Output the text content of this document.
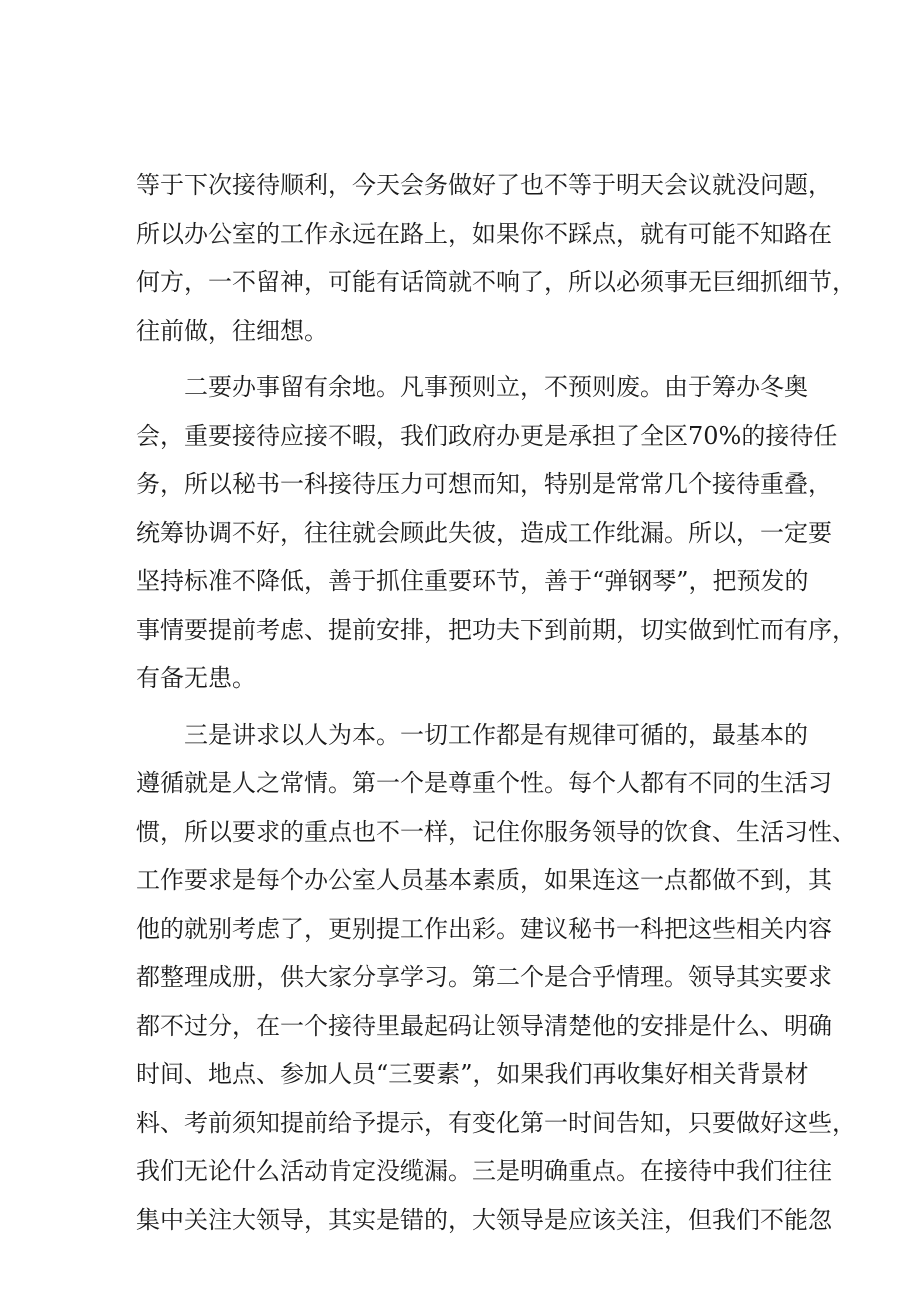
等于下次接待顺利，今天会务做好了也不等于明天会议就没问题，
所以办公室的工作永远在路上，如果你不踩点，就有可能不知路在
何方，一不留神，可能有话筒就不响了，所以必须事无巨细抓细节，
往前做，往细想。

二要办事留有余地。凡事预则立，不预则废。由于筹办冬奥
会，重要接待应接不暇，我们政府办更是承担了全区70%的接待任
务，所以秘书一科接待压力可想而知，特别是常常几个接待重叠，
统筹协调不好，往往就会顾此失彼，造成工作纰漏。所以，一定要
坚持标准不降低，善于抓住重要环节，善于“弹钢琴”，把预发的
事情要提前考虑、提前安排，把功夫下到前期，切实做到忙而有序，
有备无患。

三是讲求以人为本。一切工作都是有规律可循的，最基本的
遵循就是人之常情。第一个是尊重个性。每个人都有不同的生活习
惯，所以要求的重点也不一样，记住你服务领导的饮食、生活习性、
工作要求是每个办公室人员基本素质，如果连这一点都做不到，其
他的就别考虑了，更别提工作出彩。建议秘书一科把这些相关内容
都整理成册，供大家分享学习。第二个是合乎情理。领导其实要求
都不过分，在一个接待里最起码让领导清楚他的安排是什么、明确
时间、地点、参加人员“三要素”，如果我们再收集好相关背景材
料、考前须知提前给予提示，有变化第一时间告知，只要做好这些，
我们无论什么活动肯定没缆漏。三是明确重点。在接待中我们往往
集中关注大领导，其实是错的，大领导是应该关注，但我们不能忽
